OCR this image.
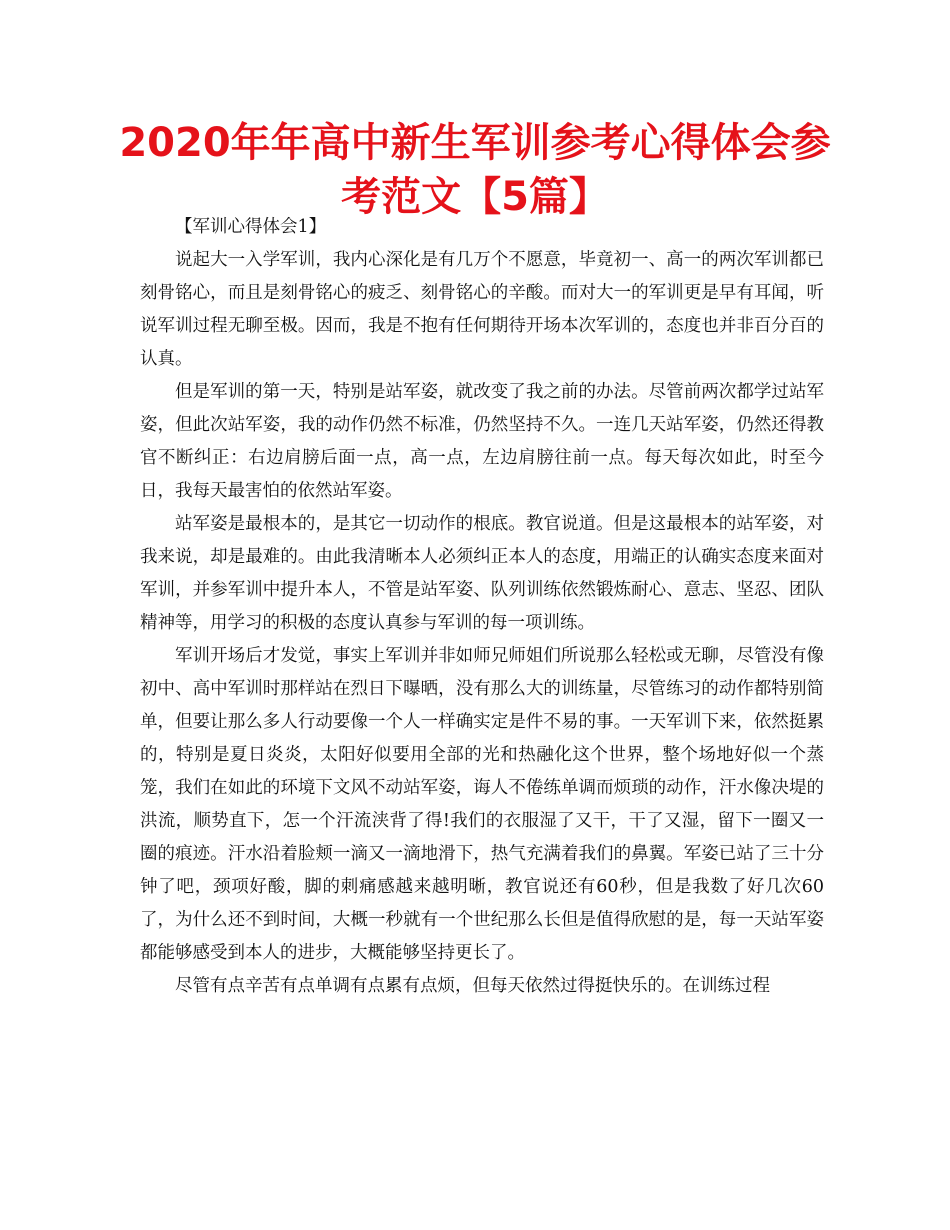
2020年年高中新生军训参考心得体会参考范文【5篇】

【军训心得体会1】

说起大一入学军训，我内心深化是有几万个不愿意，毕竟初一、高一的两次军训都已刻骨铭心，而且是刻骨铭心的疲乏、刻骨铭心的辛酸。而对大一的军训更是早有耳闻，听说军训过程无聊至极。因而，我是不抱有任何期待开场本次军训的，态度也并非百分百的认真。

但是军训的第一天，特别是站军姿，就改变了我之前的办法。尽管前两次都学过站军姿，但此次站军姿，我的动作仍然不标准，仍然坚持不久。一连几天站军姿，仍然还得教官不断纠正：右边肩膀后面一点，高一点，左边肩膀往前一点。每天每次如此，时至今日，我每天最害怕的依然站军姿。

站军姿是最根本的，是其它一切动作的根底。教官说道。但是这最根本的站军姿，对我来说，却是最难的。由此我清晰本人必须纠正本人的态度，用端正的认确实态度来面对军训，并参军训中提升本人，不管是站军姿、队列训练依然锻炼耐心、意志、坚忍、团队精神等，用学习的积极的态度认真参与军训的每一项训练。

军训开场后才发觉，事实上军训并非如师兄师姐们所说那么轻松或无聊，尽管没有像初中、高中军训时那样站在烈日下曝晒，没有那么大的训练量，尽管练习的动作都特别简单，但要让那么多人行动要像一个人一样确实定是件不易的事。一天军训下来，依然挺累的，特别是夏日炎炎，太阳好似要用全部的光和热融化这个世界，整个场地好似一个蒸笼，我们在如此的环境下文风不动站军姿，诲人不倦练单调而烦琐的动作，汗水像决堤的洪流，顺势直下，怎一个汗流浃背了得!我们的衣服湿了又干，干了又湿，留下一圈又一圈的痕迹。汗水沿着脸颊一滴又一滴地滑下，热气充满着我们的鼻翼。军姿已站了三十分钟了吧，颈项好酸，脚的刺痛感越来越明晰，教官说还有60秒，但是我数了好几次60了，为什么还不到时间，大概一秒就有一个世纪那么长但是值得欣慰的是，每一天站军姿都能够感受到本人的进步，大概能够坚持更长了。

尽管有点辛苦有点单调有点累有点烦，但每天依然过得挺快乐的。在训练过程
